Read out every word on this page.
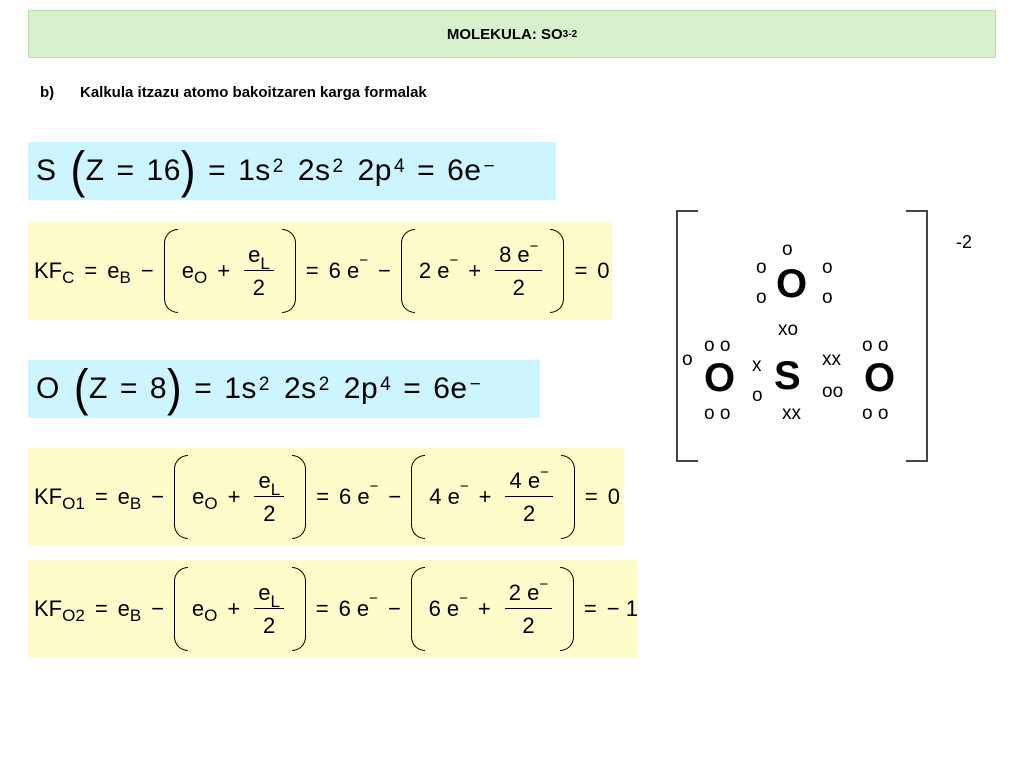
MOLEKULA: SO 3 -2
b) Kalkula itzazu atomo bakoitzaren karga formalak
S ( Z = 16 ) = $1s^2$ $2s^2$ $2p^4 = 6e^-$
KF C = e B − e $O + \frac{e_L}{2} = 6$ e − − 2 e − + $\frac{8 e^-}{2} = 0$
O ( Z = 8 ) = $1s^2$ $2s^2$ $2p^4 = 6e^-$
KF O1 = e B − e $O + \frac{e_L}{2} = 6$ e − − 4 e − + $\frac{4 e^-}{2} = 0$
KF O2 = e B − e $O + \frac{e_L}{2} = 6$ e − − 6 e − + $\frac{2 e^-}{2}$ = − 1
-2
o
o
o
o
o
O
xo
o o
o O
o o
x
o S
xx
xx
oo
o o
O
o o
